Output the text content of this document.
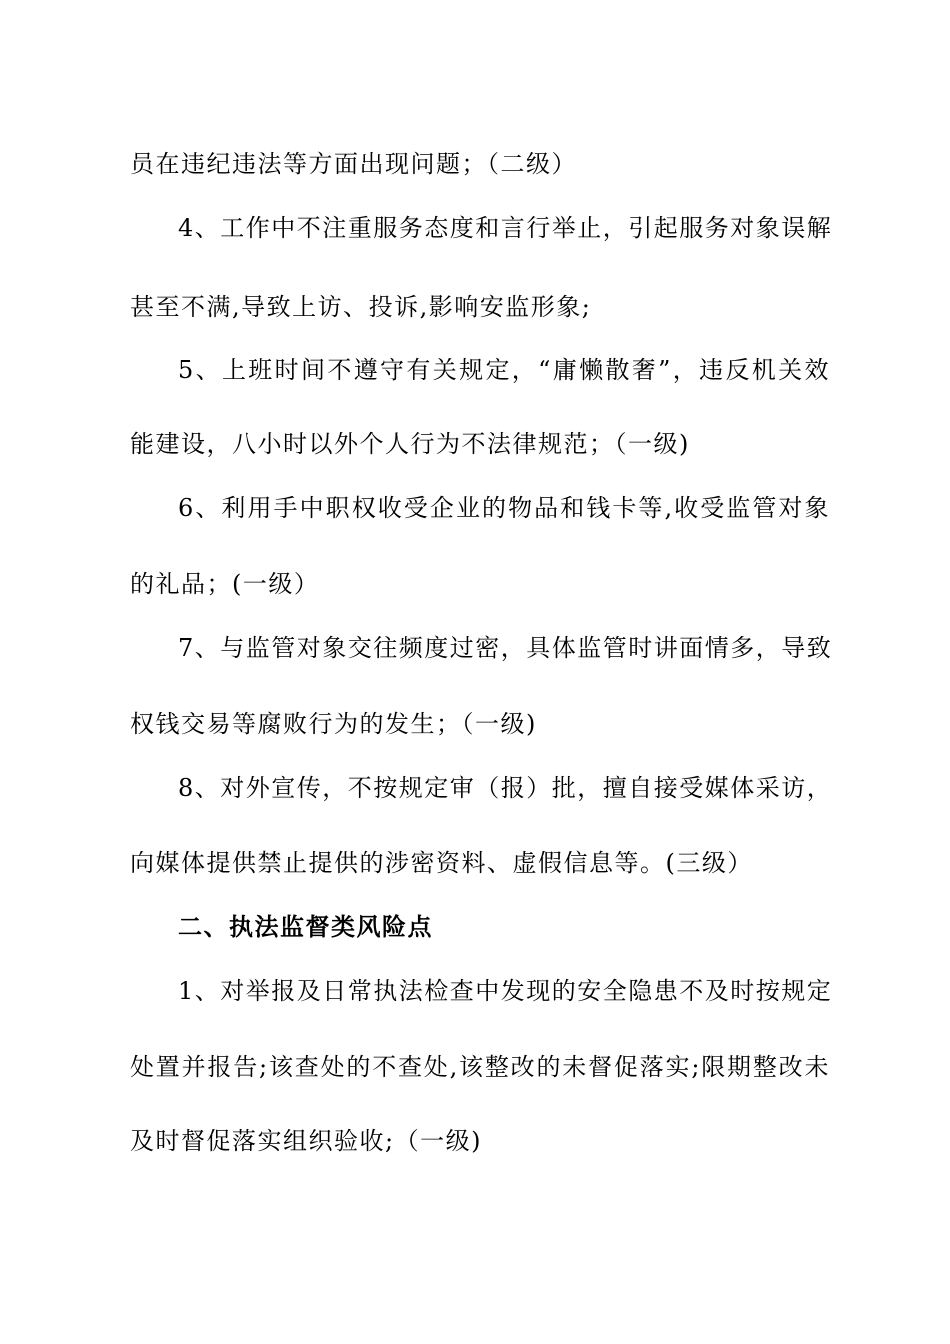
员在违纪违法等方面出现问题；（二级）
4、工作中不注重服务态度和言行举止，引起服务对象误解
甚至不满,导致上访、投诉,影响安监形象;
5、上班时间不遵守有关规定，“庸懒散奢”，违反机关效
能建设，八小时以外个人行为不法律规范；（一级)
6、利用手中职权收受企业的物品和钱卡等,收受监管对象
的礼品；(一级）
7、与监管对象交往频度过密，具体监管时讲面情多，导致
权钱交易等腐败行为的发生；（一级)
8、对外宣传，不按规定审（报）批，擅自接受媒体采访，
向媒体提供禁止提供的涉密资料、虚假信息等。(三级）
二、执法监督类风险点
1、对举报及日常执法检查中发现的安全隐患不及时按规定
处置并报告;该查处的不查处,该整改的未督促落实;限期整改未
及时督促落实组织验收;（一级)
